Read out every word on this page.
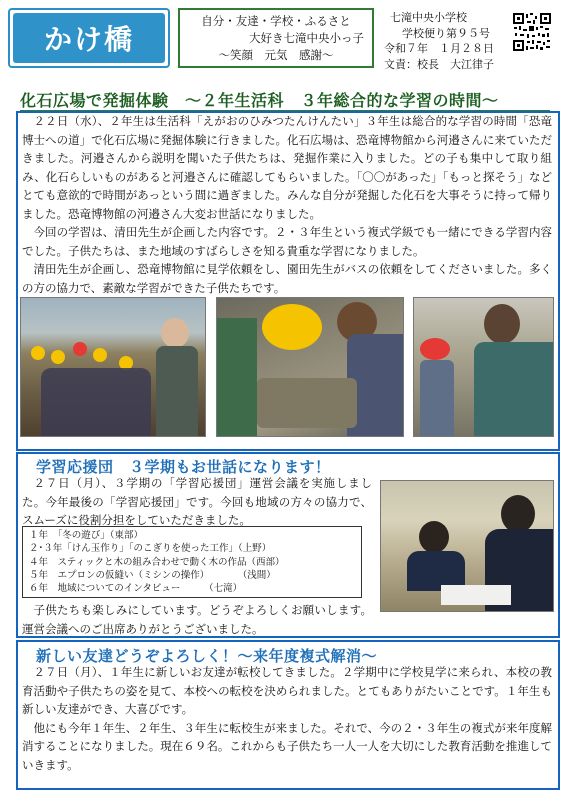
かけ橋
自分・友達・学校・ふるさと
大好き七滝中央小っ子
～笑顔　元気　感謝～
七滝中央小学校
学校便り第９５号
令和７年　１月２８日
文責：校長　大江律子
化石広場で発掘体験　～２年生活科　３年総合的な学習の時間～

２２日（水）、２年生は生活科「えがおのひみつたんけんたい」３年生は総合的な学習の時間「恐竜博士への道」で化石広場に発掘体験に行きました。化石広場は、恐竜博物館から河邉さんに来ていただきました。河邉さんから説明を聞いた子供たちは、発掘作業に入りました。どの子も集中して取り組み、化石らしいものがあると河邉さんに確認してもらいました。「〇〇があった」「もっと探そう」などとても意欲的で時間があっという間に過ぎました。みんな自分が発掘した化石を大事そうに持って帰りました。恐竜博物館の河邉さん大変お世話になりました。

今回の学習は、清田先生が企画した内容です。２・３年生という複式学級でも一緒にできる学習内容でした。子供たちは、また地域のすばらしさを知る貴重な学習になりました。

清田先生が企画し、恐竜博物館に見学依頼をし、園田先生がバスの依頼をしてくださいました。多くの方の協力で、素敵な学習ができた子供たちです。

学習応援団　３学期もお世話になります！

２７日（月）、３学期の「学習応援団」運営会議を実施しました。今年最後の「学習応援団」です。今回も地域の方々の協力で、スムーズに役割分担をしていただきました。

１年　「冬の遊び」（東部）
２･３年「けん玉作り」「のこぎりを使った工作」（上野）
４年　スティックと木の組み合わせで動く木の作品（西部）
５年　エプロンの仮縫い（ミシンの操作）　　　　（浅間）
６年　地域についてのインタビュー　　　（七滝）

子供たちも楽しみにしています。どうぞよろしくお願いします。運営会議へのご出席ありがとうございました。

新しい友達どうぞよろしく！～来年度複式解消～

２７日（月）、１年生に新しいお友達が転校してきました。２学期中に学校見学に来られ、本校の教育活動や子供たちの姿を見て、本校への転校を決められました。とてもありがたいことです。１年生も新しい友達ができ、大喜びです。

他にも今年１年生、２年生、３年生に転校生が来ました。それで、今の２・３年生の複式が来年度解消することになりました。現在６９名。これからも子供たち一人一人を大切にした教育活動を推進していきます。
